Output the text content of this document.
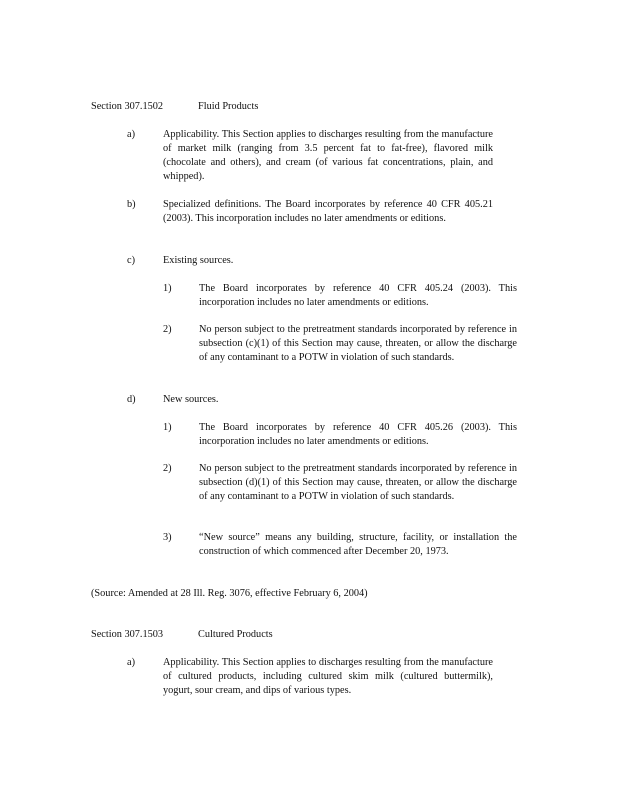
Section 307.1502	Fluid Products
a)	Applicability. This Section applies to discharges resulting from the manufacture of market milk (ranging from 3.5 percent fat to fat-free), flavored milk (chocolate and others), and cream (of various fat concentrations, plain, and whipped).
b)	Specialized definitions. The Board incorporates by reference 40 CFR 405.21 (2003). This incorporation includes no later amendments or editions.
c)	Existing sources.
1)	The Board incorporates by reference 40 CFR 405.24 (2003). This incorporation includes no later amendments or editions.
2)	No person subject to the pretreatment standards incorporated by reference in subsection (c)(1) of this Section may cause, threaten, or allow the discharge of any contaminant to a POTW in violation of such standards.
d)	New sources.
1)	The Board incorporates by reference 40 CFR 405.26 (2003). This incorporation includes no later amendments or editions.
2)	No person subject to the pretreatment standards incorporated by reference in subsection (d)(1) of this Section may cause, threaten, or allow the discharge of any contaminant to a POTW in violation of such standards.
3)	“New source” means any building, structure, facility, or installation the construction of which commenced after December 20, 1973.
(Source: Amended at 28 Ill. Reg. 3076, effective February 6, 2004)
Section 307.1503	Cultured Products
a)	Applicability. This Section applies to discharges resulting from the manufacture of cultured products, including cultured skim milk (cultured buttermilk), yogurt, sour cream, and dips of various types.
